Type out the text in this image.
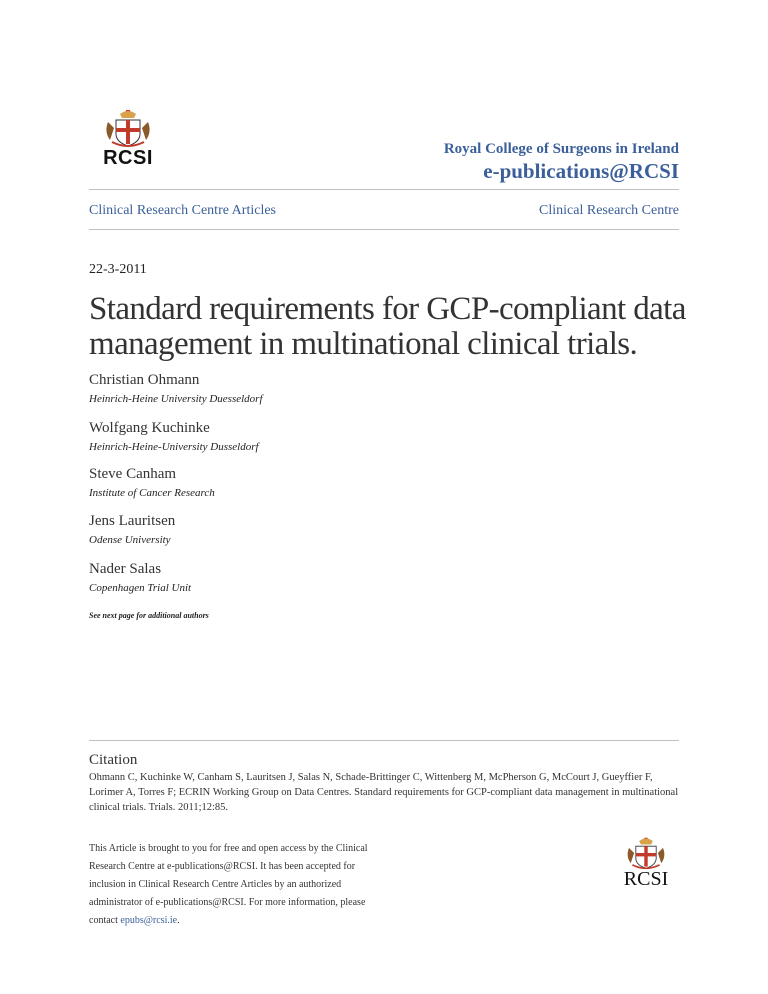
RCSI	Royal College of Surgeons in Ireland
e-publications@RCSI
Clinical Research Centre Articles	Clinical Research Centre
22-3-2011
Standard requirements for GCP-compliant data management in multinational clinical trials.
Christian Ohmann
Heinrich-Heine University Duesseldorf
Wolfgang Kuchinke
Heinrich-Heine-University Dusseldorf
Steve Canham
Institute of Cancer Research
Jens Lauritsen
Odense University
Nader Salas
Copenhagen Trial Unit
See next page for additional authors
Citation
Ohmann C, Kuchinke W, Canham S, Lauritsen J, Salas N, Schade-Brittinger C, Wittenberg M, McPherson G, McCourt J, Gueyffier F, Lorimer A, Torres F; ECRIN Working Group on Data Centres. Standard requirements for GCP-compliant data management in multinational clinical trials. Trials. 2011;12:85.
This Article is brought to you for free and open access by the Clinical Research Centre at e-publications@RCSI. It has been accepted for inclusion in Clinical Research Centre Articles by an authorized administrator of e-publications@RCSI. For more information, please contact epubs@rcsi.ie.
RCSI
